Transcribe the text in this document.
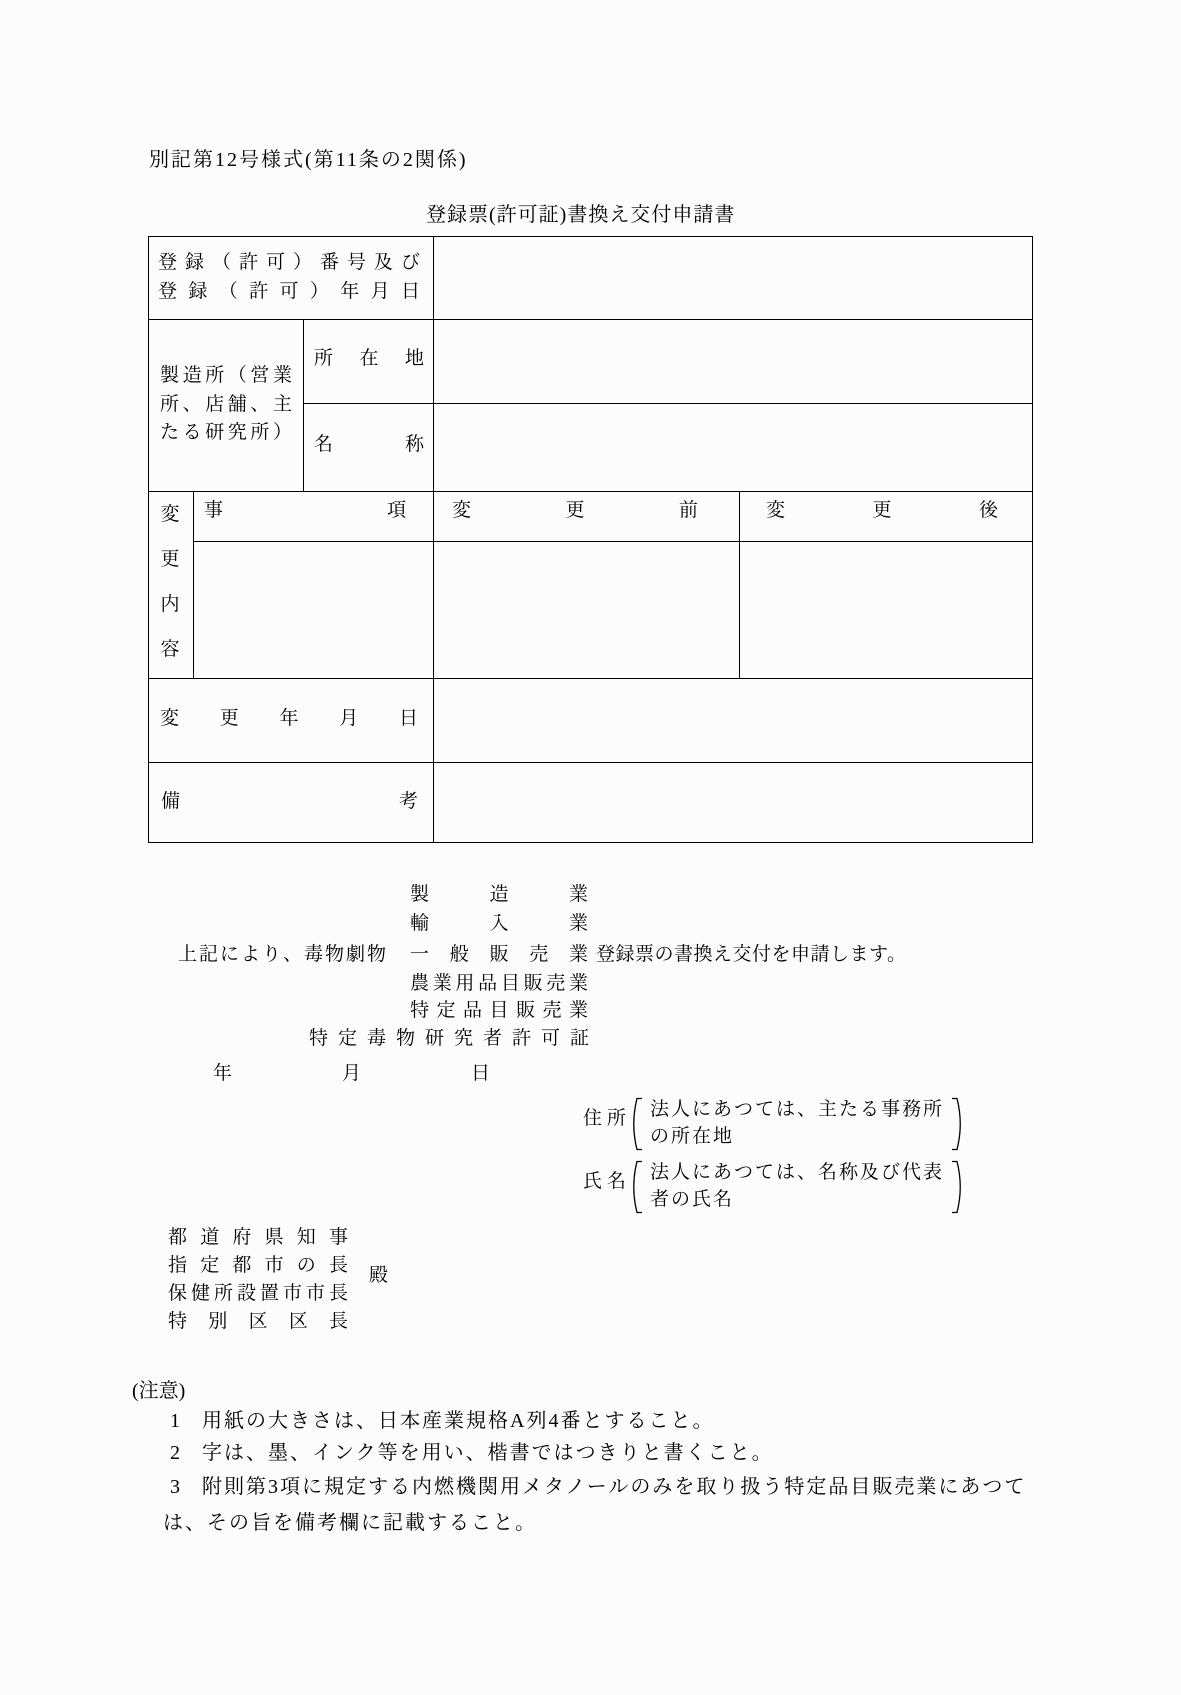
別記第12号様式(第11条の2関係)
登録票(許可証)書換え交付申請書
登録（許可）番号及び
登録（許可）年月日
製造所（営業
所、店舗、主
たる研究所）
所在地
名称
変
更
内
容
事項 変更前	変更後
変更年月日
備考
製造業
輸入業
上記により、毒物劇物 一般販売業 登録票の書換え交付を申請します。
農業用品目販売業
特定品目販売業
特定毒物研究者許可証
年　月　日
住所 法人にあつては、主たる事務所
の所在地
氏名 法人にあつては、名称及び代表
者の氏名
都道府県知事
指定都市の長
保健所設置市市長
特別区区長
殿
(注意)
1 用紙の大きさは、日本産業規格A列4番とすること。
2 字は、墨、インク等を用い、楷書ではつきりと書くこと。
3 附則第3項に規定する内燃機関用メタノールのみを取り扱う特定品目販売業にあつて
は、その旨を備考欄に記載すること。
